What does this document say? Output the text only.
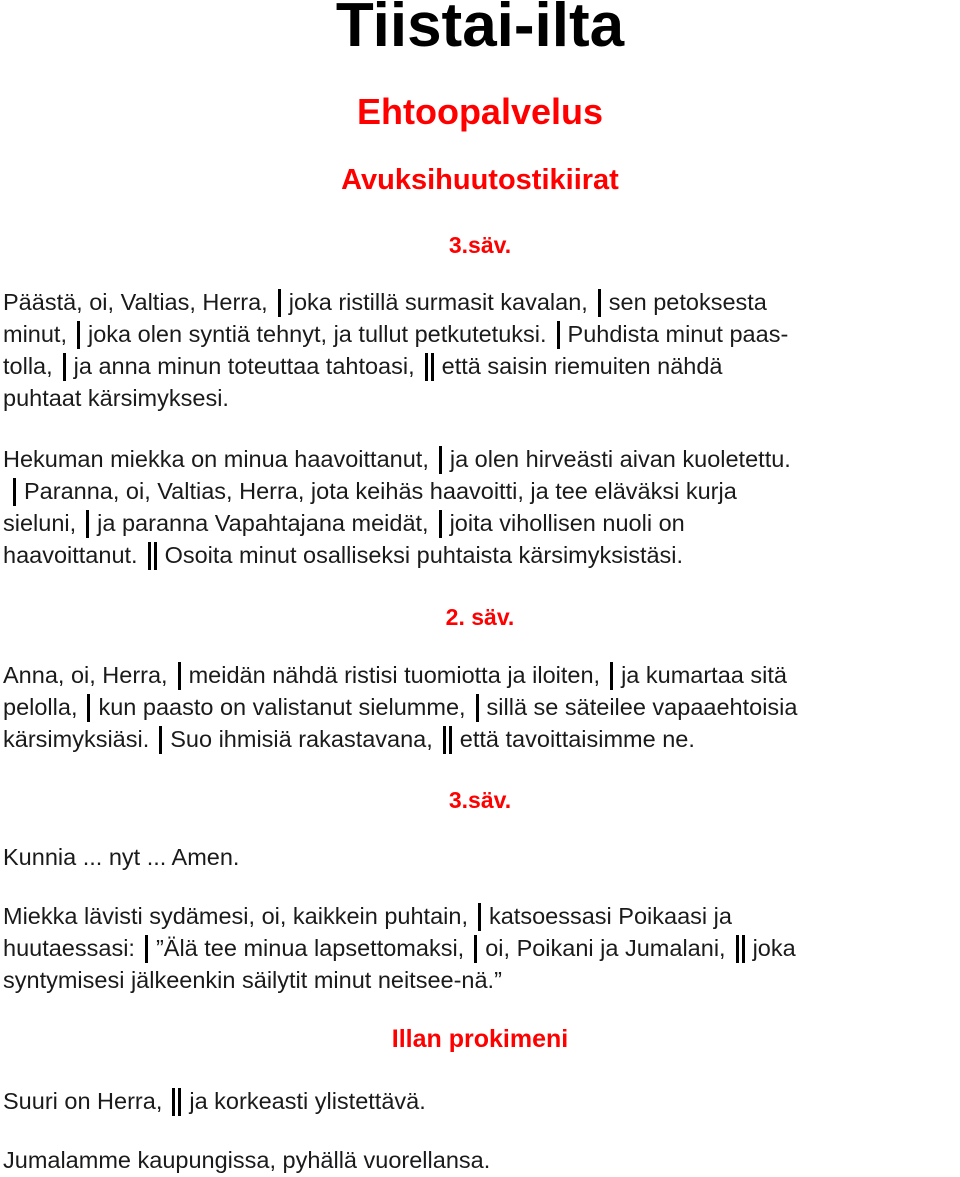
Tiistai-ilta
Ehtoopalvelus
Avuksihuutostikiirat
3.säv.
Päästä, oi, Valtias, Herra, joka ristillä surmasit kavalan, sen petoksesta
minut, joka olen syntiä tehnyt, ja tullut petkutetuksi. Puhdista minut paas-
tolla, ja anna minun toteuttaa tahtoasi, että saisin riemuiten nähdä
puhtaat kärsimyksesi.
Hekuman miekka on minua haavoittanut, ja olen hirveästi aivan kuoletettu.
Paranna, oi, Valtias, Herra, jota keihäs haavoitti, ja tee eläväksi kurja
sieluni, ja paranna Vapahtajana meidät, joita vihollisen nuoli on
haavoittanut. Osoita minut osalliseksi puhtaista kärsimyksistäsi.
2. säv.
Anna, oi, Herra, meidän nähdä ristisi tuomiotta ja iloiten, ja kumartaa sitä
pelolla, kun paasto on valistanut sielumme, sillä se säteilee vapaaehtoisia
kärsimyksiäsi. Suo ihmisiä rakastavana, että tavoittaisimme ne.
3.säv.

Kunnia ... nyt ... Amen.

Miekka lävisti sydämesi, oi, kaikkein puhtain, katsoessasi Poikaasi ja
huutaessasi: ”Älä tee minua lapsettomaksi, oi, Poikani ja Jumalani, joka
syntymisesi jälkeenkin säilytit minut neitsee-nä.”
Illan prokimeni

Suuri on Herra, ja korkeasti ylistettävä.

Jumalamme kaupungissa, pyhällä vuorellansa.
